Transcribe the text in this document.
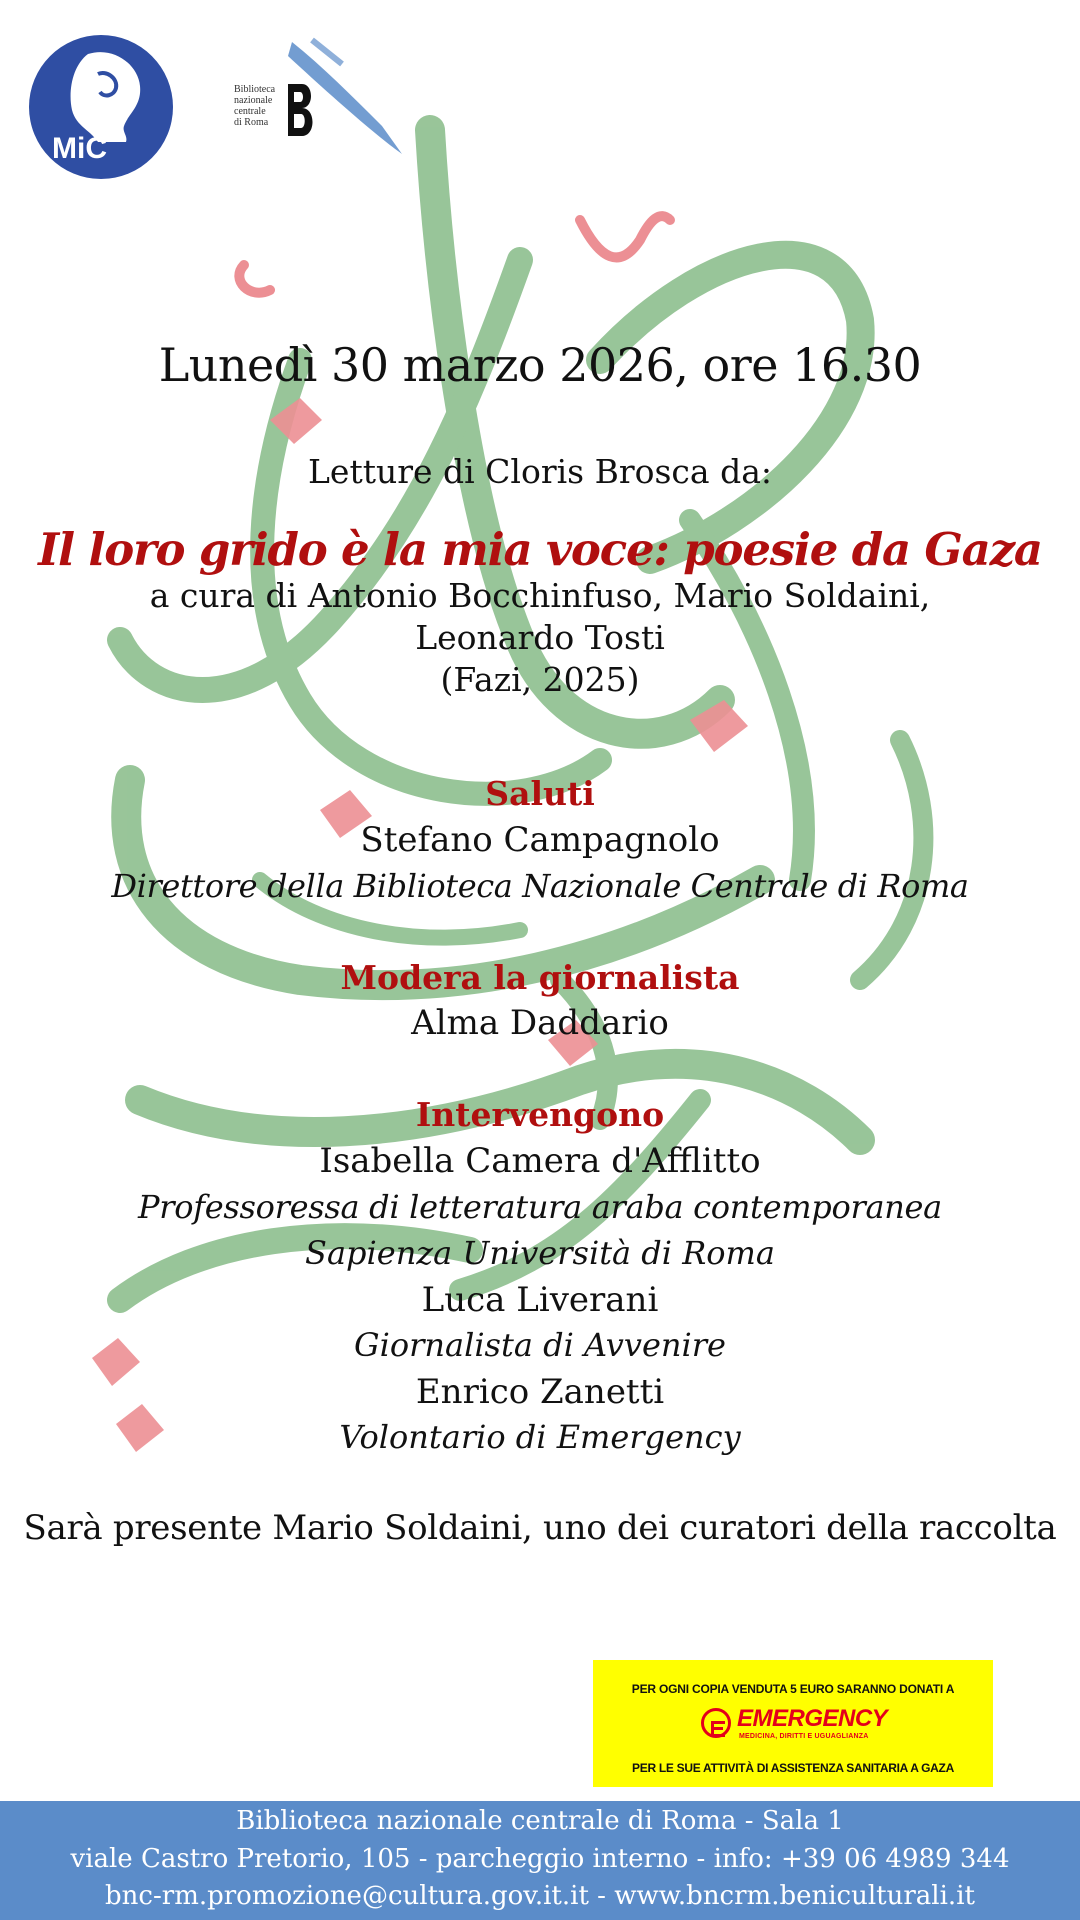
MiC
Biblioteca
nazionale
centrale
di Roma
Lunedì 30 marzo 2026, ore 16.30
Letture di Cloris Brosca da:
Il loro grido è la mia voce: poesie da Gaza
a cura di Antonio Bocchinfuso, Mario Soldaini,
Leonardo Tosti
(Fazi, 2025)
Saluti
Stefano Campagnolo
Direttore della Biblioteca Nazionale Centrale di Roma
Modera la giornalista
Alma Daddario
Intervengono
Isabella Camera d'Afflitto
Professoressa di letteratura araba contemporanea
Sapienza Università di Roma
Luca Liverani
Giornalista di Avvenire
Enrico Zanetti
Volontario di Emergency
Sarà presente Mario Soldaini, uno dei curatori della raccolta
PER OGNI COPIA VENDUTA 5 EURO SARANNO DONATI A
EMERGENCY
MEDICINA, DIRITTI E UGUAGLIANZA
PER LE SUE ATTIVITÀ DI ASSISTENZA SANITARIA A GAZA
Biblioteca nazionale centrale di Roma - Sala 1
viale Castro Pretorio, 105 - parcheggio interno - info: +39 06 4989 344
bnc-rm.promozione@cultura.gov.it.it - www.bncrm.beniculturali.it
